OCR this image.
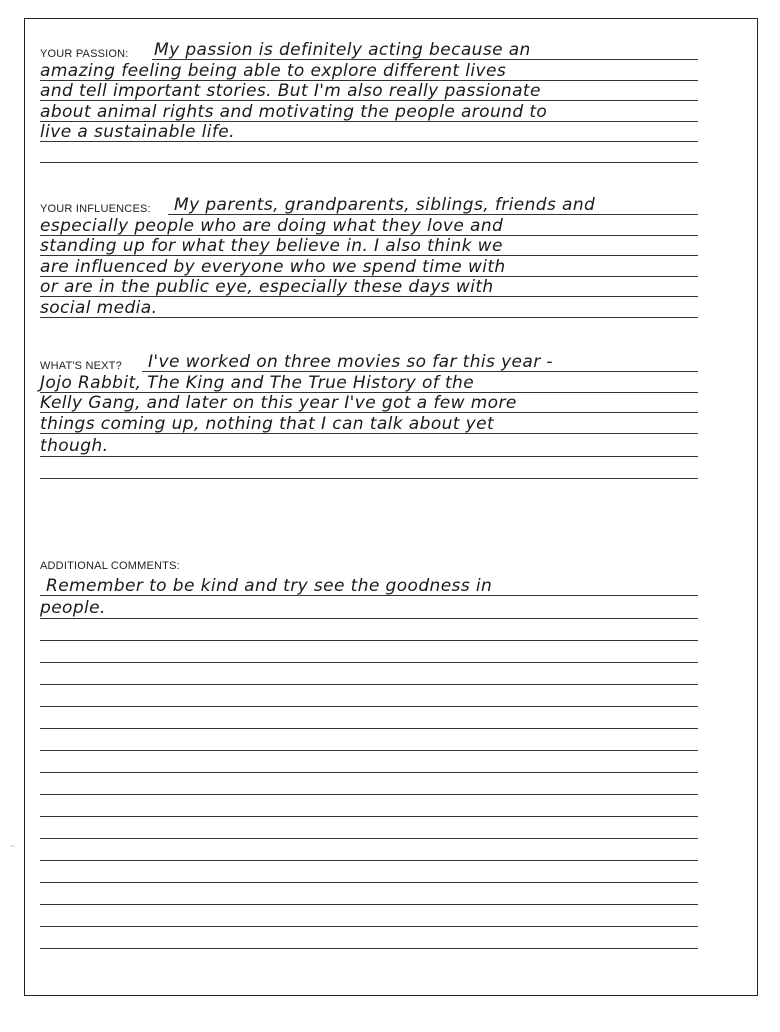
YOUR PASSION: My passion is definitely acting because an
amazing feeling being able to explore different lives
and tell important stories. But I'm also really passionate
about animal rights and motivating the people around to
live a sustainable life.
YOUR INFLUENCES: My parents, grandparents, siblings, friends and
especially people who are doing what they love and
standing up for what they believe in. I also think we
are influenced by everyone who we spend time with
or are in the public eye, especially these days with
social media.
WHAT'S NEXT? I've worked on three movies so far this year -
Jojo Rabbit, The King and The True History of the
Kelly Gang, and later on this year I've got a few more
things coming up, nothing that I can talk about yet
though.
ADDITIONAL COMMENTS:
Remember to be kind and try see the goodness in
people.
··
